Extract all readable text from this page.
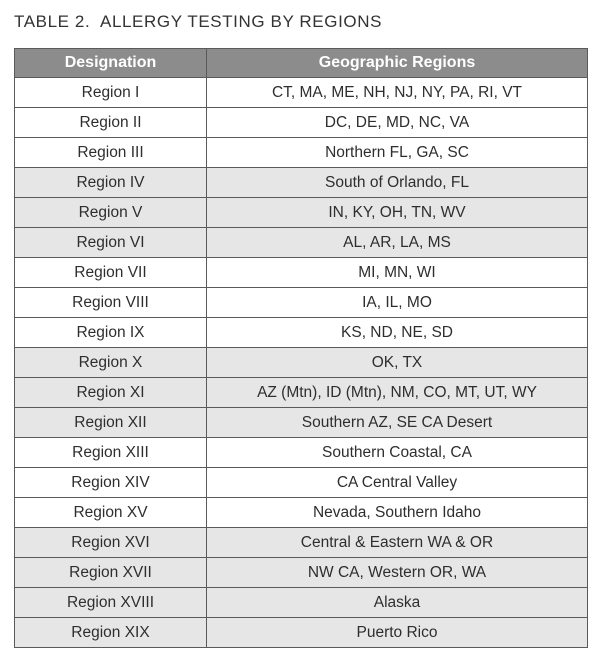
TABLE 2.  ALLERGY TESTING BY REGIONS
Designation	Geographic Regions
Region I	CT, MA, ME, NH, NJ, NY, PA, RI, VT
Region II	DC, DE, MD, NC, VA
Region III	Northern FL, GA, SC
Region IV	South of Orlando, FL
Region V	IN, KY, OH, TN, WV
Region VI	AL, AR, LA, MS
Region VII	MI, MN, WI
Region VIII	IA, IL, MO
Region IX	KS, ND, NE, SD
Region X	OK, TX
Region XI	AZ (Mtn), ID (Mtn), NM, CO, MT, UT, WY
Region XII	Southern AZ, SE CA Desert
Region XIII	Southern Coastal, CA
Region XIV	CA Central Valley
Region XV	Nevada, Southern Idaho
Region XVI	Central & Eastern WA & OR
Region XVII	NW CA, Western OR, WA
Region XVIII	Alaska
Region XIX	Puerto Rico
